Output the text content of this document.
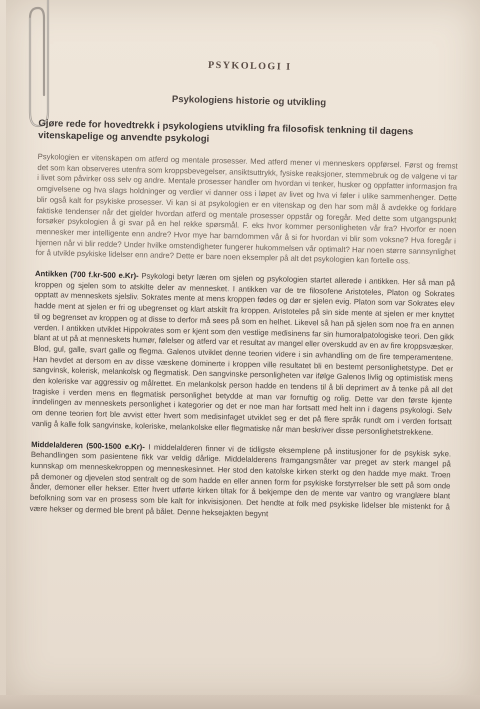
PSYKOLOGI I
Psykologiens historie og utvikling
Gjøre rede for hovedtrekk i psykologiens utvikling fra filosofisk tenkning til dagens vitenskapelige og anvendte psykologi

Psykologien er vitenskapen om atferd og mentale prosesser. Med atferd mener vi menneskers oppførsel. Først og fremst det som kan observeres utenfra som kroppsbevegelser, ansiktsuttrykk, fysiske reaksjoner, stemmebruk og de valgene vi tar i livet som påvirker oss selv og andre. Mentale prosesser handler om hvordan vi tenker, husker og oppfatter informasjon fra omgivelsene og hva slags holdninger og verdier vi danner oss i løpet av livet og hva vi føler i ulike sammenhenger. Dette blir også kalt for psykiske prosesser. Vi kan si at psykologien er en vitenskap og den har som mål å avdekke og forklare faktiske tendenser når det gjelder hvordan atferd og mentale prosesser oppstår og foregår. Med dette som utgangspunkt forsøker psykologien å gi svar på en hel rekke spørsmål. F. eks hvor kommer personligheten vår fra? Hvorfor er noen mennesker mer intelligente enn andre? Hvor mye har barndommen vår å si for hvordan vi blir som voksne? Hva foregår i hjernen når vi blir redde? Under hvilke omstendigheter fungerer hukommelsen vår optimalt? Har noen større sannsynlighet for å utvikle psykiske lidelser enn andre? Dette er bare noen eksempler på alt det psykologien kan fortelle oss.

Antikken (700 f.kr-500 e.Kr)- Psykologi betyr læren om sjelen og psykologien startet allerede i antikken. Her så man på kroppen og sjelen som to atskilte deler av mennesket. I antikken var de tre filosofene Aristoteles, Platon og Sokrates opptatt av menneskets sjelsliv. Sokrates mente at mens kroppen fødes og dør er sjelen evig. Platon som var Sokrates elev hadde ment at sjelen er fri og ubegrenset og klart atskilt fra kroppen. Aristoteles på sin side mente at sjelen er mer knyttet til og begrenset av kroppen og at disse to derfor må sees på som en helhet. Likevel så han på sjelen som noe fra en annen verden. I antikken utviklet Hippokrates som er kjent som den vestlige medisinens far sin humoralpatologiske teori. Den gikk blant at ut på at menneskets humør, følelser og atferd var et resultat av mangel eller overskudd av en av fire kroppsvæsker. Blod, gul, galle, svart galle og flegma. Galenos utviklet denne teorien videre i sin avhandling om de fire temperamentene. Han hevdet at dersom en av disse væskene dominerte i kroppen ville resultatet bli en bestemt personlighetstype. Det er sangvinsk, kolerisk, melankolsk og flegmatisk. Den sangvinske personligheten var ifølge Galenos livlig og optimistisk mens den koleriske var aggressiv og målrettet. En melankolsk person hadde en tendens til å bli deprimert av å tenke på all det tragiske i verden mens en flegmatisk personlighet betydde at man var fornuftig og rolig. Dette var den første kjente inndelingen av menneskets personlighet i kategorier og det er noe man har fortsatt med helt inn i dagens psykologi. Selv om denne teorien fort ble avvist etter hvert som medisinfaget utviklet seg er det på flere språk rundt om i verden fortsatt vanlig å kalle folk sangvinske, koleriske, melankolske eller flegmatiske når man beskriver disse personlighetstrekkene.

Middelalderen (500-1500 e.Kr)- I middelalderen finner vi de tidligste eksemplene på institusjoner for de psykisk syke. Behandlingen som pasientene fikk var veldig dårlige. Middelalderens framgangsmåter var preget av sterk mangel på kunnskap om menneskekroppen og menneskesinnet. Her stod den katolske kirken sterkt og den hadde mye makt. Troen på demoner og djevelen stod sentralt og de som hadde en eller annen form for psykiske forstyrrelser ble sett på som onde ånder, demoner eller hekser. Etter hvert utførte kirken tiltak for å bekjempe den de mente var vantro og vranglære blant befolkning som var en prosess som ble kalt for inkvisisjonen. Det hendte at folk med psykiske lidelser ble mistenkt for å være hekser og dermed ble brent på bålet. Denne heksejakten begynt
